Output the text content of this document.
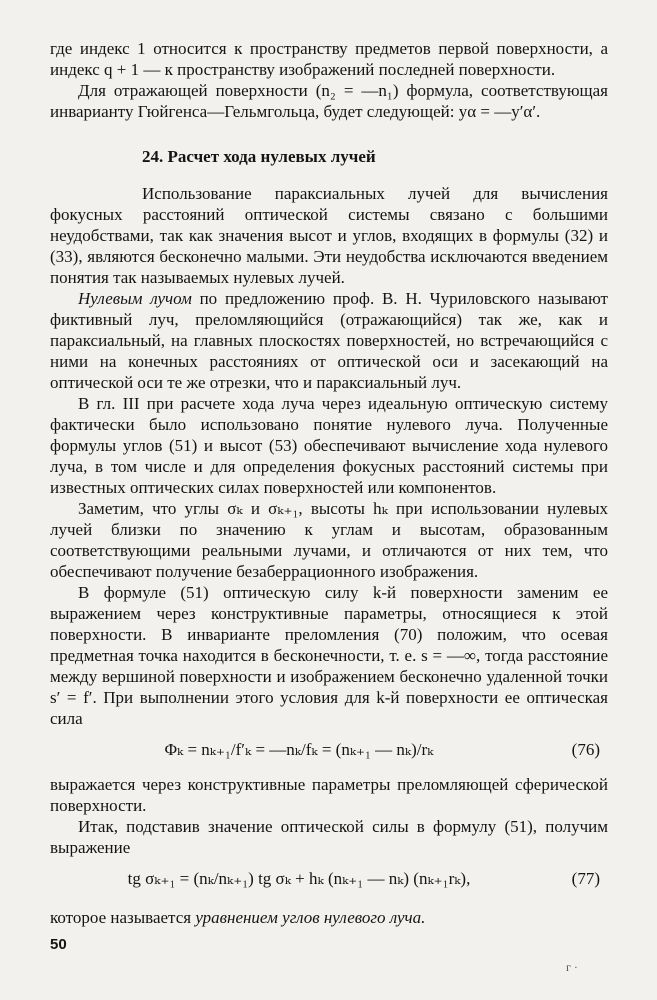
где индекс 1 относится к пространству предметов первой поверхности, а индекс q + 1 — к пространству изображений последней поверхности.

Для отражающей поверхности (n₂ = —n₁) формула, соответствующая инварианту Гюйгенса—Гельмгольца, будет следующей: yα = —y′α′.

24. Расчет хода нулевых лучей

Использование параксиальных лучей для вычисления фокусных расстояний оптической системы связано с большими неудобствами, так как значения высот и углов, входящих в формулы (32) и (33), являются бесконечно малыми. Эти неудобства исключаются введением понятия так называемых нулевых лучей.

Нулевым лучом по предложению проф. В. Н. Чуриловского называют фиктивный луч, преломляющийся (отражающийся) так же, как и параксиальный, на главных плоскостях поверхностей, но встречающийся с ними на конечных расстояниях от оптической оси и засекающий на оптической оси те же отрезки, что и параксиальный луч.

В гл. III при расчете хода луча через идеальную оптическую систему фактически было использовано понятие нулевого луча. Полученные формулы углов (51) и высот (53) обеспечивают вычисление хода нулевого луча, в том числе и для определения фокусных расстояний системы при известных оптических силах поверхностей или компонентов.

Заметим, что углы σₖ и σₖ₊₁, высоты hₖ при использовании нулевых лучей близки по значению к углам и высотам, образованным соответствующими реальными лучами, и отличаются от них тем, что обеспечивают получение безаберрационного изображения.

В формуле (51) оптическую силу k-й поверхности заменим ее выражением через конструктивные параметры, относящиеся к этой поверхности. В инварианте преломления (70) положим, что осевая предметная точка находится в бесконечности, т. е. s = —∞, тогда расстояние между вершиной поверхности и изображением бесконечно удаленной точки s′ = f′. При выполнении этого условия для k-й поверхности ее оптическая сила

Φₖ = nₖ₊₁/f′ₖ = —nₖ/fₖ = (nₖ₊₁ — nₖ)/rₖ	(76)

выражается через конструктивные параметры преломляющей сферической поверхности.

Итак, подставив значение оптической силы в формулу (51), получим выражение

tg σₖ₊₁ = (nₖ/nₖ₊₁) tg σₖ + hₖ (nₖ₊₁ — nₖ) (nₖ₊₁rₖ),	(77)

которое называется уравнением углов нулевого луча.

50
г ·
